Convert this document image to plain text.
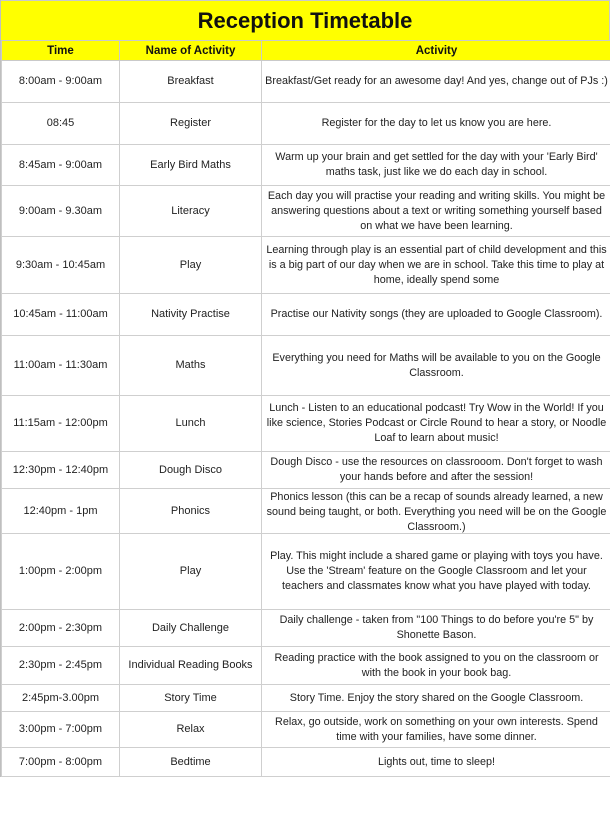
Reception Timetable
Time	Name of Activity	Activity

8:00am - 9:00am	Breakfast	Breakfast/Get ready for an awesome day! And yes, change out of PJs :)

08:45	Register	Register for the day to let us know you are here.

8:45am - 9:00am	Early Bird Maths	Warm up your brain and get settled for the day with your 'Early Bird' maths task, just like we do each day in school.

9:00am - 9.30am	Literacy	Each day you will practise your reading and writing skills. You might be answering questions about a text or writing something yourself based on what we have been learning.

9:30am - 10:45am	Play	Learning through play is an essential part of child development and this is a big part of our day when we are in school. Take this time to play at home, ideally spend some

10:45am - 11:00am	Nativity Practise	Practise our Nativity songs (they are uploaded to Google Classroom).

11:00am - 11:30am	Maths	Everything you need for Maths will be available to you on the Google Classroom.

11:15am - 12:00pm	Lunch	Lunch - Listen to an educational podcast! Try Wow in the World! If you like science, Stories Podcast or Circle Round to hear a story, or Noodle Loaf to learn about music!

12:30pm - 12:40pm	Dough Disco	Dough Disco - use the resources on classrooom. Don't forget to wash your hands before and after the session!

12:40pm - 1pm	Phonics	Phonics lesson (this can be a recap of sounds already learned, a new sound being taught, or both. Everything you need will be on the Google Classroom.)

1:00pm - 2:00pm	Play	Play. This might include a shared game or playing with toys you have. Use the 'Stream' feature on the Google Classroom and let your teachers and classmates know what you have played with today.

2:00pm - 2:30pm	Daily Challenge	Daily challenge - taken from "100 Things to do before you're 5" by Shonette Bason.

2:30pm - 2:45pm	Individual Reading Books	Reading practice with the book assigned to you on the classroom or with the book in your book bag.

2:45pm-3.00pm	Story Time	Story Time. Enjoy the story shared on the Google Classroom.

3:00pm - 7:00pm	Relax	Relax, go outside, work on something on your own interests. Spend time with your families, have some dinner.

7:00pm - 8:00pm	Bedtime	Lights out, time to sleep!
